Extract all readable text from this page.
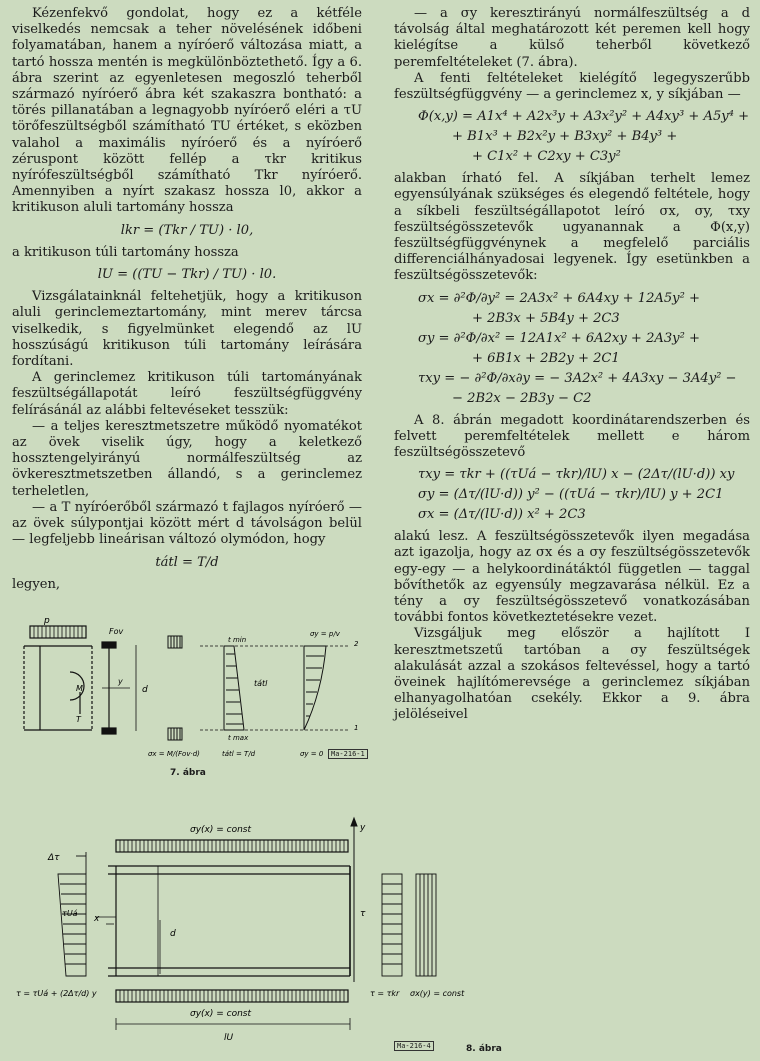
Kézenfekvő gondolat, hogy ez a kétféle viselkedés nemcsak a teher növelésének időbeni folyamatában, hanem a nyíróerő változása miatt, a tartó hossza mentén is megkülönböztethető. Így a 6. ábra szerint az egyenletesen megoszló teherből származó nyíróerő ábra két szakaszra bontható: a törés pillanatában a legnagyobb nyíróerő eléri a τU törőfeszültségből számítható TU értéket, s eközben valahol a maximális nyíróerő és a nyíróerő zéruspont között fellép a τkr kritikus nyírófeszültségből számítható Tkr nyíróerő. Amennyiben a nyírt szakasz hossza l0, akkor a kritikuson aluli tartomány hossza

lkr = (Tkr / TU) · l0,

a kritikuson túli tartomány hossza

lU = ((TU − Tkr) / TU) · l0.

Vizsgálatainknál feltehetjük, hogy a kritikuson aluli gerinclemeztartomány, mint merev tárcsa viselkedik, s figyelmünket elegendő az lU hosszúságú kritikuson túli tartomány leírására fordítani.

A gerinclemez kritikuson túli tartományának feszültségállapotát leíró feszültségfüggvény felírásánál az alábbi feltevéseket tesszük:

— a teljes keresztmetszetre működő nyomatékot az övek viselik úgy, hogy a keletkező hossztengelyirányú normálfeszültség az övkeresztmetszetben állandó, s a gerinclemez terheletlen,

— a T nyíróerőből származó t fajlagos nyíróerő — az övek súlypontjai között mért d távolságon belül — legfeljebb lineárisan változó olymódon, hogy

tátl = T/d

legyen,

— a σy keresztirányú normálfeszültség a d távolság által meghatározott két peremen kell hogy kielégítse a külső teherből következő peremfeltételeket (7. ábra).

A fenti feltételeket kielégítő legegyszerűbb feszültségfüggvény — a gerinclemez x, y síkjában —

Φ(x,y) = A1x⁴ + A2x³y + A3x²y² + A4xy³ + A5y⁴ +
+ B1x³ + B2x²y + B3xy² + B4y³ +
+ C1x² + C2xy + C3y²

alakban írható fel. A síkjában terhelt lemez egyensúlyának szükséges és elegendő feltétele, hogy a síkbeli feszültségállapotot leíró σx, σy, τxy feszültségösszetevők ugyanannak a Φ(x,y) feszültségfüggvénynek a megfelelő parciális differenciálhányadosai legyenek. Így esetünkben a feszültségösszetevők:

σx = ∂²Φ/∂y² = 2A3x² + 6A4xy + 12A5y² +
+ 2B3x + 5B4y + 2C3
σy = ∂²Φ/∂x² = 12A1x² + 6A2xy + 2A3y² +
+ 6B1x + 2B2y + 2C1
τxy = − ∂²Φ/∂x∂y = − 3A2x² + 4A3xy − 3A4y² −
− 2B2x − 2B3y − C2

A 8. ábrán megadott koordinátarendszerben és felvett peremfeltételek mellett e három feszültségösszetevő

τxy = τkr + ((τUá − τkr)/lU) x − (2Δτ/(lU·d)) xy
σy = (Δτ/(lU·d)) y² − ((τUá − τkr)/lU) y + 2C1
σx = (Δτ/(lU·d)) x² + 2C3

alakú lesz. A feszültségösszetevők ilyen megadása azt igazolja, hogy az σx és a σy feszültségösszetevők egy-egy — a helykoordinátáktól független — taggal bővíthetők az egyensúly megzavarása nélkül. Ez a tény a σy feszültségösszetevő vonatkozásában további fontos következtetésekre vezet.

Vizsgáljuk meg először a hajlított I keresztmetszetű tartóban a σy feszültségek alakulását azzal a szokásos feltevéssel, hogy a tartó öveinek hajlítómerevsége a gerinclemez síkjában elhanyagolhatóan csekély. Ekkor a 9. ábra jelöléseivel

p
M
T
Fᴏᴠ
y
d
t min
tátl
t max
σy = p/v
2
1
σx = M/(Fᴏᴠ·d)	tátl = T/d	σy = 0	Ma-216-1
7. ábra
σy(x) = const
d
x
y
τ
Δτ
τUá
τ = τUá + (2Δτ/d) y	τ = τkr σx(y) = const
σy(x) = const
lU
Ma-216-4	8. ábra
